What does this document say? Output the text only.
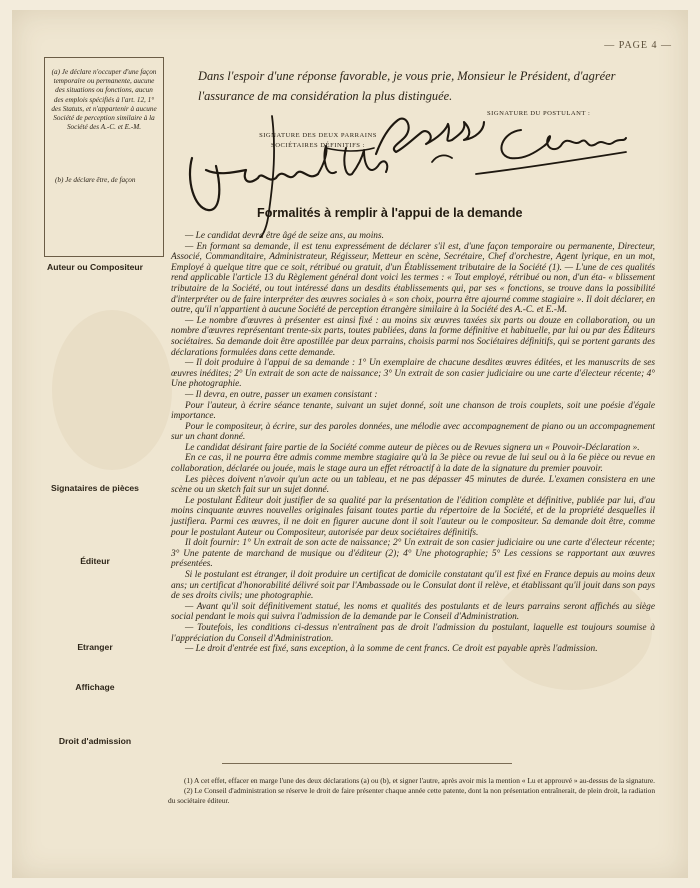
— PAGE 4 —
(a) Je déclare n'occuper d'une façon temporaire ou permanente, aucune des situations ou fonctions, aucun des emplois spécifiés à l'art. 12, 1° des Statuts, et n'appartenir à aucune Société de perception similaire à la Société des A.-C. et E.-M.
(b) Je déclare être, de façon
Dans l'espoir d'une réponse favorable, je vous prie, Monsieur le Président, d'agréer l'assurance de ma considération la plus distinguée.
SIGNATURE DES DEUX PARRAINS SOCIÉTAIRES DÉFINITIFS :
SIGNATURE DU POSTULANT :
Formalités à remplir à l'appui de la demande
Auteur ou Compositeur
Signataires de pièces
Éditeur
Etranger
Affichage
Droit d'admission

— Le candidat devra être âgé de seize ans, au moins.

— En formant sa demande, il est tenu expressément de déclarer s'il est, d'une façon temporaire ou permanente, Directeur, Associé, Commanditaire, Administrateur, Régisseur, Metteur en scène, Secrétaire, Chef d'orchestre, Agent lyrique, en un mot, Employé à quelque titre que ce soit, rétribué ou gratuit, d'un Établissement tributaire de la Société (1). — L'une de ces qualités rend applicable l'article 13 du Règlement général dont voici les termes : « Tout employé, rétribué ou non, d'un éta- « blissement tributaire de la Société, ou tout intéressé dans un desdits établissements qui, par ses « fonctions, se trouve dans la possibilité d'interpréter ou de faire interpréter des œuvres sociales à « son choix, pourra être ajourné comme stagiaire ». Il doit déclarer, en outre, qu'il n'appartient à aucune Société de perception étrangère similaire à la Société des A.-C. et E.-M.

— Le nombre d'œuvres à présenter est ainsi fixé : au moins six œuvres taxées six parts ou douze en collaboration, ou un nombre d'œuvres représentant trente-six parts, toutes publiées, dans la forme définitive et habituelle, par lui ou par des Éditeurs sociétaires. Sa demande doit être apostillée par deux parrains, choisis parmi nos Sociétaires définitifs, qui se portent garants des déclarations formulées dans cette demande.

— Il doit produire à l'appui de sa demande : 1° Un exemplaire de chacune desdites œuvres éditées, et les manuscrits de ses œuvres inédites; 2° Un extrait de son acte de naissance; 3° Un extrait de son casier judiciaire ou une carte d'électeur récente; 4° Une photographie.

— Il devra, en outre, passer un examen consistant :

Pour l'auteur, à écrire séance tenante, suivant un sujet donné, soit une chanson de trois couplets, soit une poésie d'égale importance.

Pour le compositeur, à écrire, sur des paroles données, une mélodie avec accompagnement de piano ou un accompagnement sur un chant donné.

Le candidat désirant faire partie de la Société comme auteur de pièces ou de Revues signera un « Pouvoir-Déclaration ».

En ce cas, il ne pourra être admis comme membre stagiaire qu'à la 3e pièce ou revue de lui seul ou à la 6e pièce ou revue en collaboration, déclarée ou jouée, mais le stage aura un effet rétroactif à la date de la signature du premier pouvoir.

Les pièces doivent n'avoir qu'un acte ou un tableau, et ne pas dépasser 45 minutes de durée. L'examen consistera en une scène ou un sketch fait sur un sujet donné.

Le postulant Éditeur doit justifier de sa qualité par la présentation de l'édition complète et définitive, publiée par lui, d'au moins cinquante œuvres nouvelles originales faisant toutes partie du répertoire de la Société, et de la propriété desquelles il justifiera. Parmi ces œuvres, il ne doit en figurer aucune dont il soit l'auteur ou le compositeur. Sa demande doit être, comme pour le postulant Auteur ou Compositeur, autorisée par deux sociétaires définitifs.

Il doit fournir: 1° Un extrait de son acte de naissance; 2° Un extrait de son casier judiciaire ou une carte d'électeur récente; 3° Une patente de marchand de musique ou d'éditeur (2); 4° Une photographie; 5° Les cessions se rapportant aux œuvres présentées.

Si le postulant est étranger, il doit produire un certificat de domicile constatant qu'il est fixé en France depuis au moins deux ans; un certificat d'honorabilité délivré soit par l'Ambassade ou le Consulat dont il relève, et établissant qu'il jouit dans son pays de ses droits civils; une photographie.

— Avant qu'il soit définitivement statué, les noms et qualités des postulants et de leurs parrains seront affichés au siège social pendant le mois qui suivra l'admission de la demande par le Conseil d'Administration.

— Toutefois, les conditions ci-dessus n'entraînent pas de droit l'admission du postulant, laquelle est toujours soumise à l'appréciation du Conseil d'Administration.

— Le droit d'entrée est fixé, sans exception, à la somme de cent francs. Ce droit est payable après l'admission.

(1) A cet effet, effacer en marge l'une des deux déclarations (a) ou (b), et signer l'autre, après avoir mis la mention « Lu et approuvé » au-dessus de la signature.

(2) Le Conseil d'administration se réserve le droit de faire présenter chaque année cette patente, dont la non présentation entraînerait, de plein droit, la radiation du sociétaire éditeur.
